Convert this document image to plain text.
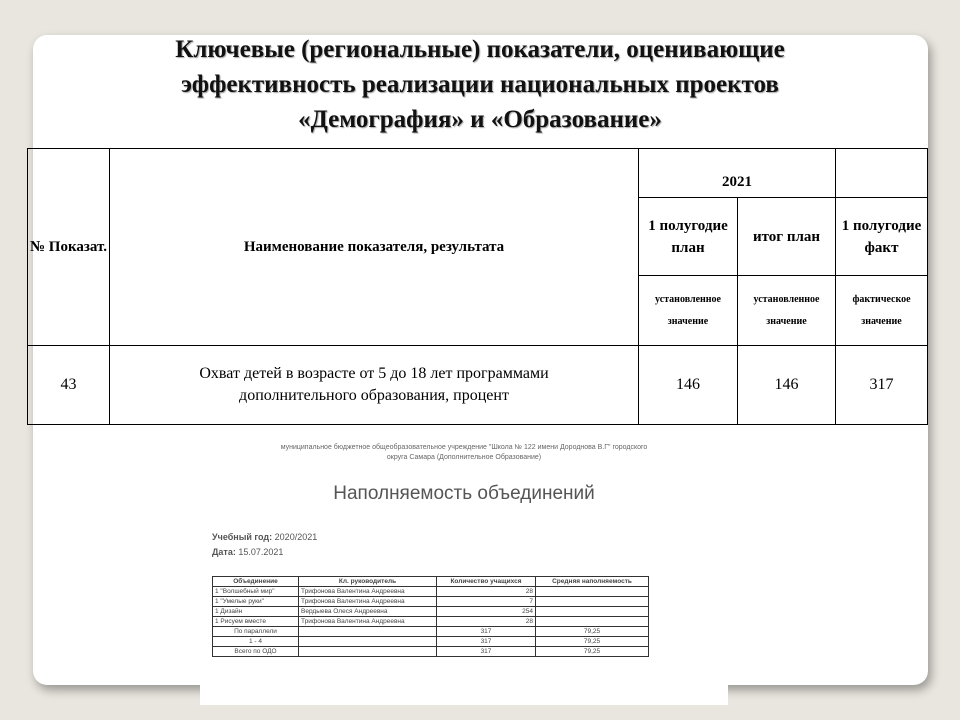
Ключевые (региональные) показатели, оценивающие
эффективность реализации национальных проектов
«Демография» и «Образование»
№ Показат.	Наименование показателя, результата	2021		
		1 полугодие план	итог план	1 полугодие факт
		установленное значение	установленное значение	фактическое значение
43	Охват детей в возрасте от 5 до 18 лет программами дополнительного образования, процент	146	146	317
муниципальное бюджетное общеобразовательное учреждение "Школа № 122 имени Дороднова В.Г" городского
округа Самара (Дополнительное Образование)
Наполняемость объединений
Учебный год: 2020/2021
Дата: 15.07.2021
Объединение	Кл. руководитель	Количество учащихся	Средняя наполняемость
1 "Волшебный мир"	Трифонова Валентина Андреевна	28	
1 "Умелые руки"	Трифонова Валентина Андреевна	7	
1 Дизайн	Вердыева Олеся Андреевна	254	
1 Рисуем вместе	Трифонова Валентина Андреевна	28	
По параллели		317	79,25
1 - 4		317	79,25
Всего по ОДО		317	79,25
